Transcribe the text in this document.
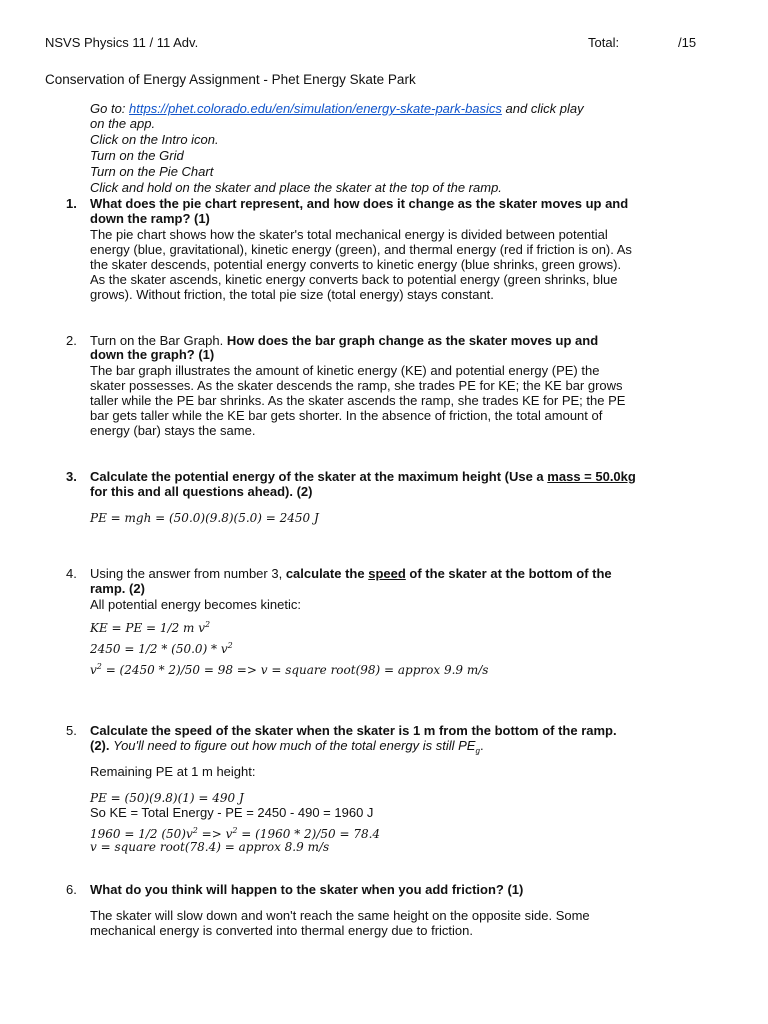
NSVS Physics 11 / 11 Adv.	Total:	/15
Conservation of Energy Assignment - Phet Energy Skate Park
Go to: https://phet.colorado.edu/en/simulation/energy-skate-park-basics and click play
on the app.
Click on the Intro icon.
Turn on the Grid
Turn on the Pie Chart
Click and hold on the skater and place the skater at the top of the ramp.
1. What does the pie chart represent, and how does it change as the skater moves up and
down the ramp? (1)
The pie chart shows how the skater's total mechanical energy is divided between potential
energy (blue, gravitational), kinetic energy (green), and thermal energy (red if friction is on). As
the skater descends, potential energy converts to kinetic energy (blue shrinks, green grows).
As the skater ascends, kinetic energy converts back to potential energy (green shrinks, blue
grows). Without friction, the total pie size (total energy) stays constant.
2. Turn on the Bar Graph. How does the bar graph change as the skater moves up and
down the graph? (1)
The bar graph illustrates the amount of kinetic energy (KE) and potential energy (PE) the
skater possesses. As the skater descends the ramp, she trades PE for KE; the KE bar grows
taller while the PE bar shrinks. As the skater ascends the ramp, she trades KE for PE; the PE
bar gets taller while the KE bar gets shorter. In the absence of friction, the total amount of
energy (bar) stays the same.
3. Calculate the potential energy of the skater at the maximum height (Use a mass = 50.0kg
for this and all questions ahead). (2)
PE = mgh = (50.0)(9.8)(5.0) = 2450 J
4. Using the answer from number 3, calculate the speed of the skater at the bottom of the
ramp. (2)
All potential energy becomes kinetic:
KE = PE = 1/2 m $v^2$
$2450 = 1/2 * (50.0) * v^2$
$v^2 = (2450 * 2)/50 = 98 => v$ = square root(98) = approx 9.9 m/s
5. Calculate the speed of the skater when the skater is 1 m from the bottom of the ramp.
(2). You'll need to figure out how much of the total energy is still $PE_g$.
Remaining PE at 1 m height:
PE = (50)(9.8)(1) = 490 J
So KE = Total Energy - PE = 2450 - 490 = 1960 J
1960 = 1/2 $(50)v^2 => v^2 = (1960 * 2)/50 = 78.4$
v = square root(78.4) = approx 8.9 m/s
6. What do you think will happen to the skater when you add friction? (1)
The skater will slow down and won't reach the same height on the opposite side. Some
mechanical energy is converted into thermal energy due to friction.
